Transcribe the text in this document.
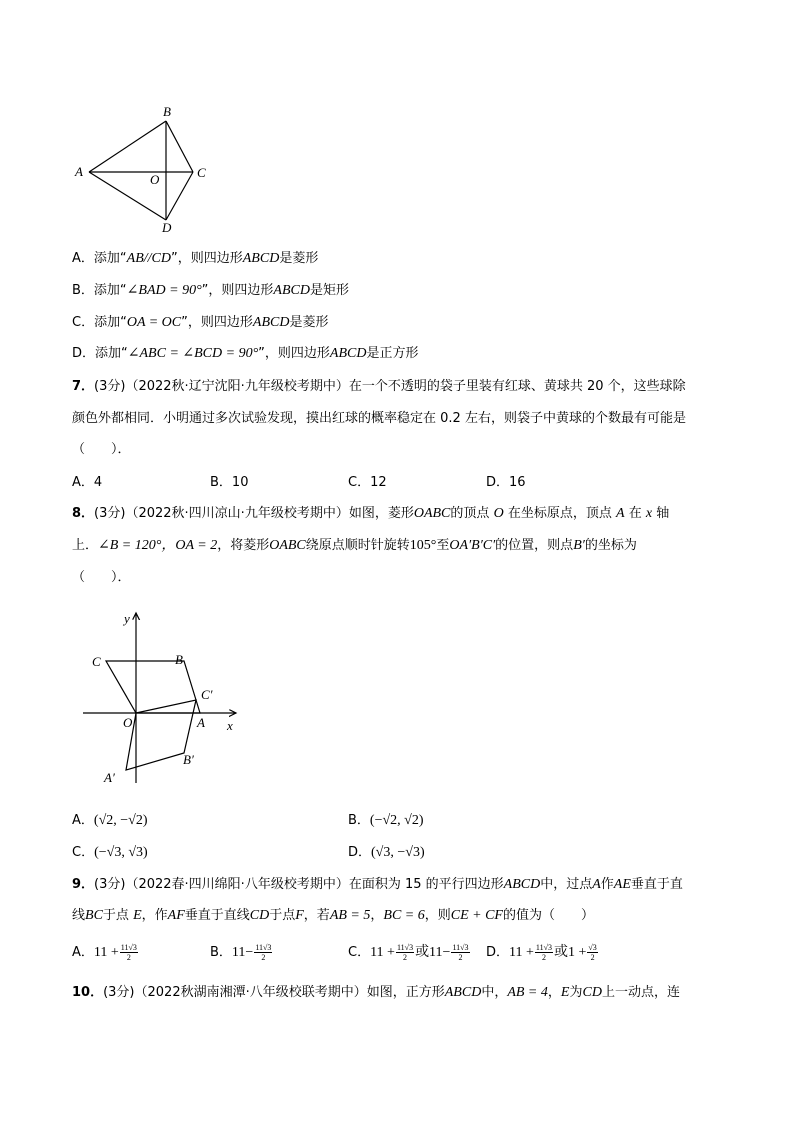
A
B
C
D
O
A．添加“AB//CD”，则四边形ABCD是菱形
B．添加“∠BAD = 90°”，则四边形ABCD是矩形
C．添加“OA = OC”，则四边形ABCD是菱形
D．添加“∠ABC = ∠BCD = 90°”，则四边形ABCD是正方形
7．(3分)（2022秋·辽宁沈阳·九年级校考期中）在一个不透明的袋子里装有红球、黄球共 20 个，这些球除
颜色外都相同．小明通过多次试验发现，摸出红球的概率稳定在 0.2 左右，则袋子中黄球的个数最有可能是
（　　）．
A．4	B．10	C．12	D．16
8．(3分)（2022秋·四川凉山·九年级校考期中）如图，菱形OABC的顶点 O 在坐标原点，顶点 A 在 x 轴
上．∠B = 120°，OA = 2，将菱形OABC绕原点顺时针旋转105°至OA′B′C′的位置，则点B′的坐标为
（　　）．
y
x
C	B
C′
O	A
A′
B′
A．(√2, −√2)	B．(−√2, √2)
C．(−√3, √3)	D．(√3, −√3)
9．(3分)（2022春·四川绵阳·八年级校考期中）在面积为 15 的平行四边形ABCD中，过点A作AE垂直于直
线BC于点 E，作AF垂直于直线CD于点F，若AB = 5，BC = 6，则CE + CF的值为（　　）
A．$11 + \frac{11√3}{2}$	B．$11- \frac{11√3}{2}$	C．$11 + \frac{11√3}{2}$ 或$11- \frac{11√3}{2}$ D．$11 + \frac{11√3}{2}$ 或$1 + \frac{√3}{2}$
10．(3分)（2022秋湖南湘潭·八年级校联考期中）如图，正方形ABCD中，AB = 4，E为CD上一动点，连
